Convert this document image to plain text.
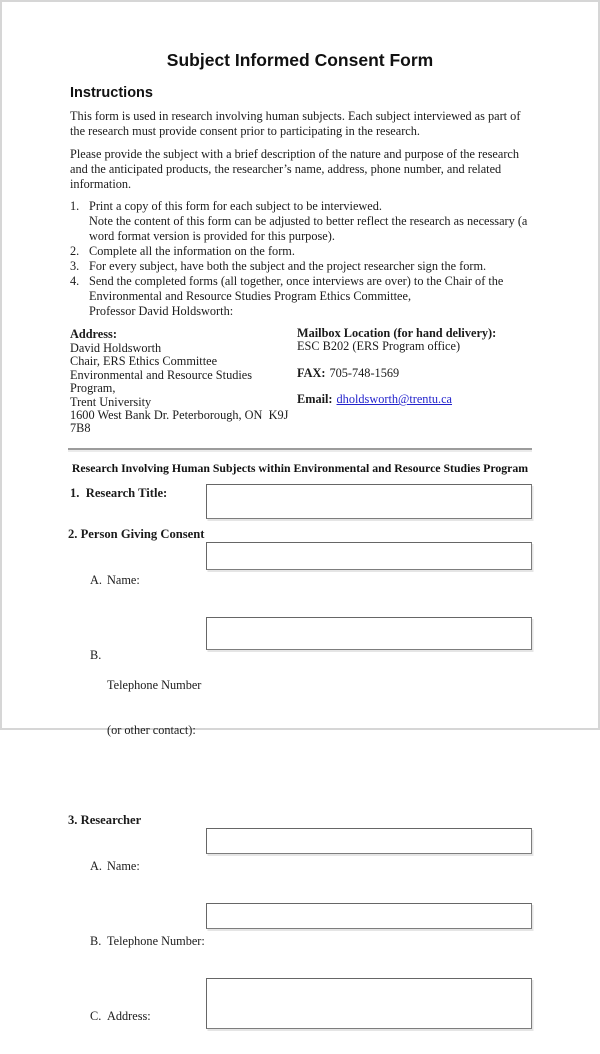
Subject Informed Consent Form
Instructions

This form is used in research involving human subjects. Each subject interviewed as part of the research must provide consent prior to participating in the research.

Please provide the subject with a brief description of the nature and purpose of the research and the anticipated products, the researcher’s name, address, phone number, and related information.

1. Print a copy of this form for each subject to be interviewed.
Note the content of this form can be adjusted to better reflect the research as necessary (a word format version is provided for this purpose).
2. Complete all the information on the form.
3. For every subject, have both the subject and the project researcher sign the form.
4. Send the completed forms (all together, once interviews are over) to the Chair of the Environmental and Resource Studies Program Ethics Committee,
Professor David Holdsworth:
Address:
David Holdsworth
Chair, ERS Ethics Committee
Environmental and Resource Studies Program,
Trent University
1600 West Bank Dr. Peterborough, ON  K9J 7B8
Mailbox Location (for hand delivery):
ESC B202 (ERS Program office)
FAX: 705-748-1569
Email: dholdsworth@trentu.ca
Research Involving Human Subjects within Environmental and Resource Studies Program
1.  Research Title:
2. Person Giving Consent

A. Name:

B.

Telephone Number

(or other contact):

3. Researcher

A. Name:

B. Telephone Number:

C. Address:
